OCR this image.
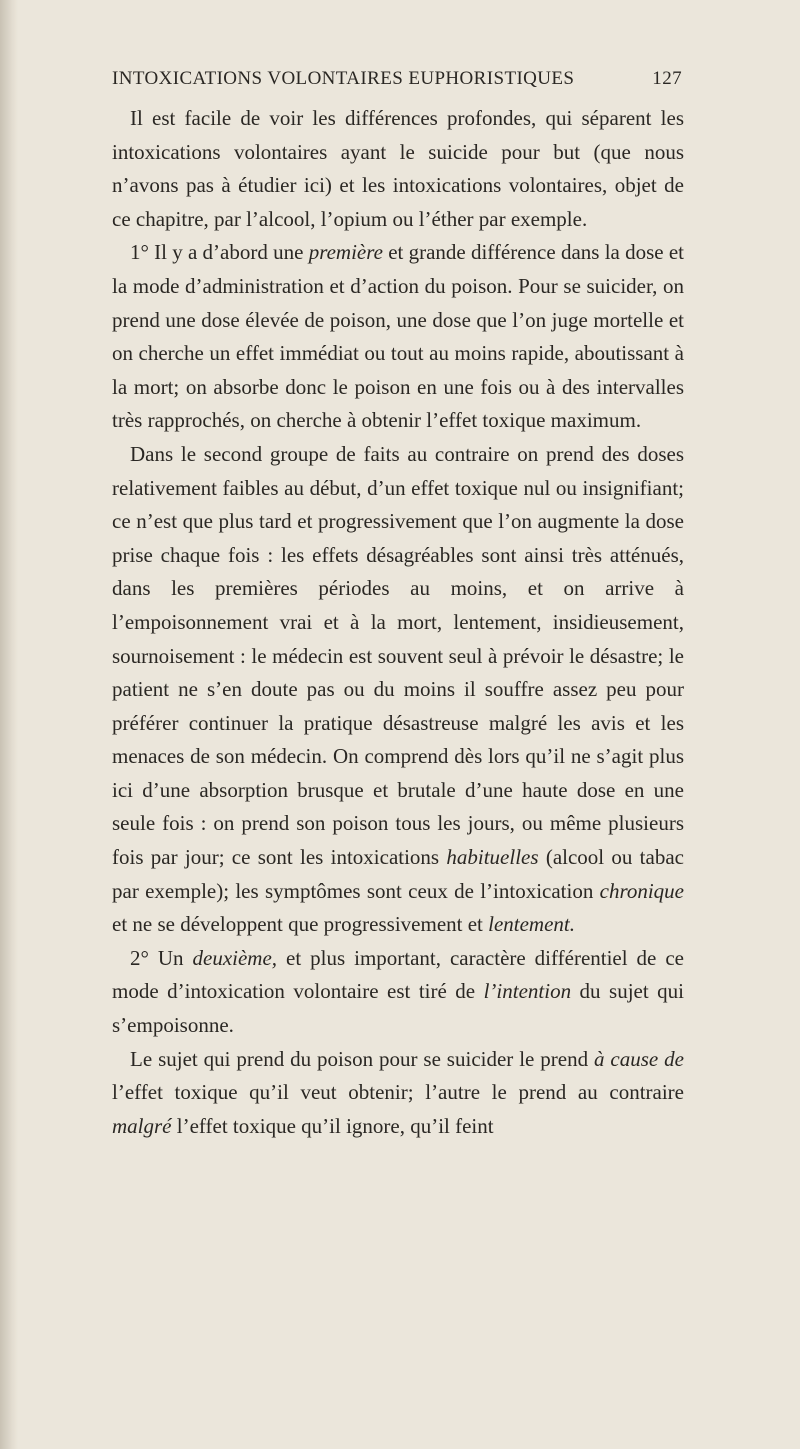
INTOXICATIONS VOLONTAIRES EUPHORISTIQUES	127

Il est facile de voir les différences profondes, qui séparent les intoxications volontaires ayant le suicide pour but (que nous n’avons pas à étudier ici) et les intoxications volontaires, objet de ce chapitre, par l’alcool, l’opium ou l’éther par exemple.

1° Il y a d’abord une première et grande différence dans la dose et la mode d’administration et d’action du poison. Pour se suicider, on prend une dose élevée de poison, une dose que l’on juge mortelle et on cherche un effet immédiat ou tout au moins rapide, aboutissant à la mort; on absorbe donc le poison en une fois ou à des intervalles très rapprochés, on cherche à obtenir l’effet toxique maximum.

Dans le second groupe de faits au contraire on prend des doses relativement faibles au début, d’un effet toxique nul ou insignifiant; ce n’est que plus tard et progressivement que l’on augmente la dose prise chaque fois : les effets désagréables sont ainsi très atténués, dans les premières périodes au moins, et on arrive à l’empoisonnement vrai et à la mort, lentement, insidieusement, sournoisement : le médecin est souvent seul à prévoir le désastre; le patient ne s’en doute pas ou du moins il souffre assez peu pour préférer continuer la pratique désastreuse malgré les avis et les menaces de son médecin. On comprend dès lors qu’il ne s’agit plus ici d’une absorption brusque et brutale d’une haute dose en une seule fois : on prend son poison tous les jours, ou même plusieurs fois par jour; ce sont les intoxications habituelles (alcool ou tabac par exemple); les symptômes sont ceux de l’intoxication chronique et ne se développent que progressivement et lentement.

2° Un deuxième, et plus important, caractère différentiel de ce mode d’intoxication volontaire est tiré de l’intention du sujet qui s’empoisonne.

Le sujet qui prend du poison pour se suicider le prend à cause de l’effet toxique qu’il veut obtenir; l’autre le prend au contraire malgré l’effet toxique qu’il ignore, qu’il feint
